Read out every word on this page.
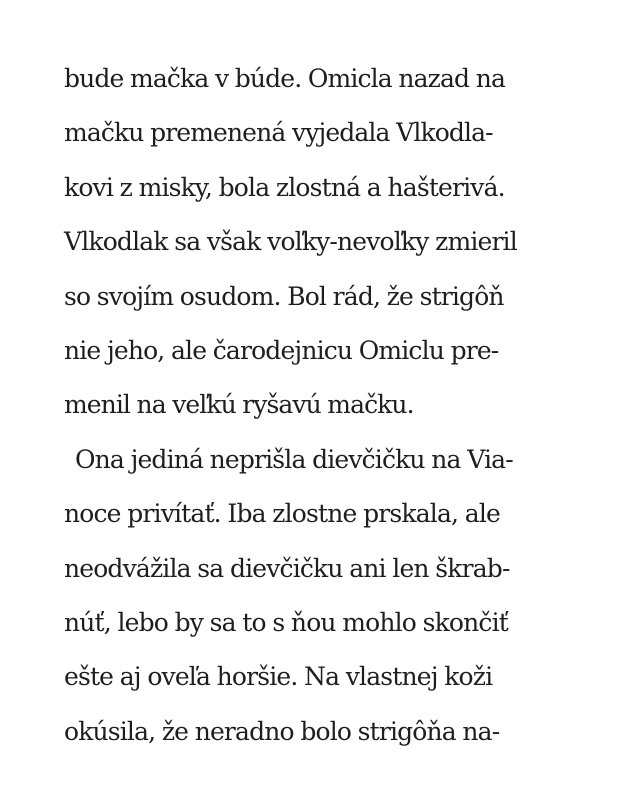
bude mačka v búde. Omicla nazad na
mačku premenená vyjedala Vlkodla-
kovi z misky, bola zlostná a hašterivá.
Vlkodlak sa však voľky-nevoľky zmieril
so svojím osudom. Bol rád, že strigôň
nie jeho, ale čarodejnicu Omiclu pre-
menil na veľkú ryšavú mačku.
Ona jediná neprišla dievčičku na Via-
noce privítať. Iba zlostne prskala, ale
neodvážila sa dievčičku ani len škrab-
núť, lebo by sa to s ňou mohlo skončiť
ešte aj oveľa horšie. Na vlastnej koži
okúsila, že neradno bolo strigôňa na-
